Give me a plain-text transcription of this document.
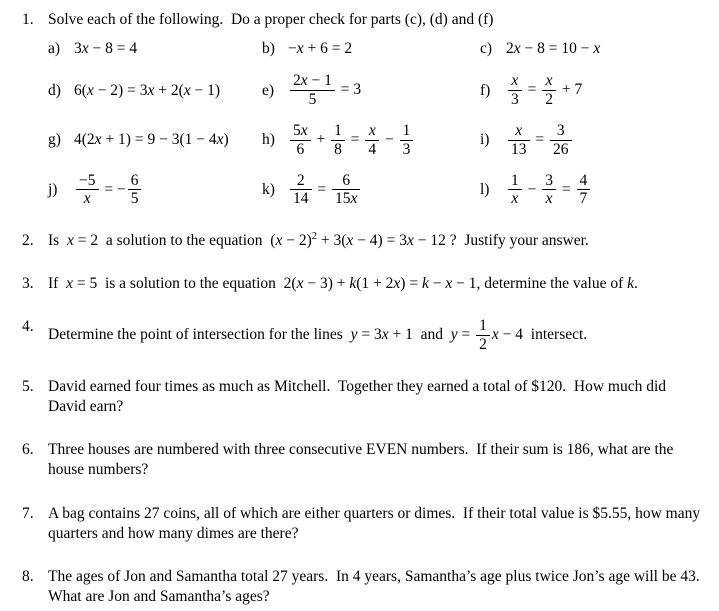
1. Solve each of the following.  Do a proper check for parts (c), (d) and (f)
a) 3x − 8 = 4	b) −x + 6 = 2	c) 2x − 8 = 10 − x
d) 6(x − 2) = 3x + 2(x − 1)	e)	$\frac{2x - 1}{5} = 3$	f)	$\frac{x}{3} = \frac{x}{2} + 7$
g) 4(2x + 1) = 9 − 3(1 − 4x) $h) \frac{5x}{6} + \frac{1}{8} = \frac{x}{4} - \frac{1}{3}$	i)	$\frac{x}{13} = \frac{3}{26}$
j)	$\frac{-5}{x}$ = − $\frac{6}{5}$	$k) \frac{2}{14} = \frac{6}{15x}$	l)	$\frac{1}{x} - \frac{3}{x} = \frac{4}{7}$
2. Is  x = 2  a solution to the equation  $(x - 2)^2 + 3(x - 4) = 3x - 12$ ?  Justify your answer.
3. If  x = 5  is a solution to the equation  2(x − 3) + k(1 + 2x) = k − x − 1, determine the value of k.
4. Determine the point of intersection for the lines  y = 3x + 1  and  $y = \frac{1}{2}$ x − 4  intersect.
5. David earned four times as much as Mitchell.  Together they earned a total of $120.  How much did David earn?
6. Three houses are numbered with three consecutive EVEN numbers.  If their sum is 186, what are the house numbers?
7. A bag contains 27 coins, all of which are either quarters or dimes.  If their total value is $5.55, how many quarters and how many dimes are there?
8. The ages of Jon and Samantha total 27 years.  In 4 years, Samantha’s age plus twice Jon’s age will be 43.  What are Jon and Samantha’s ages?
